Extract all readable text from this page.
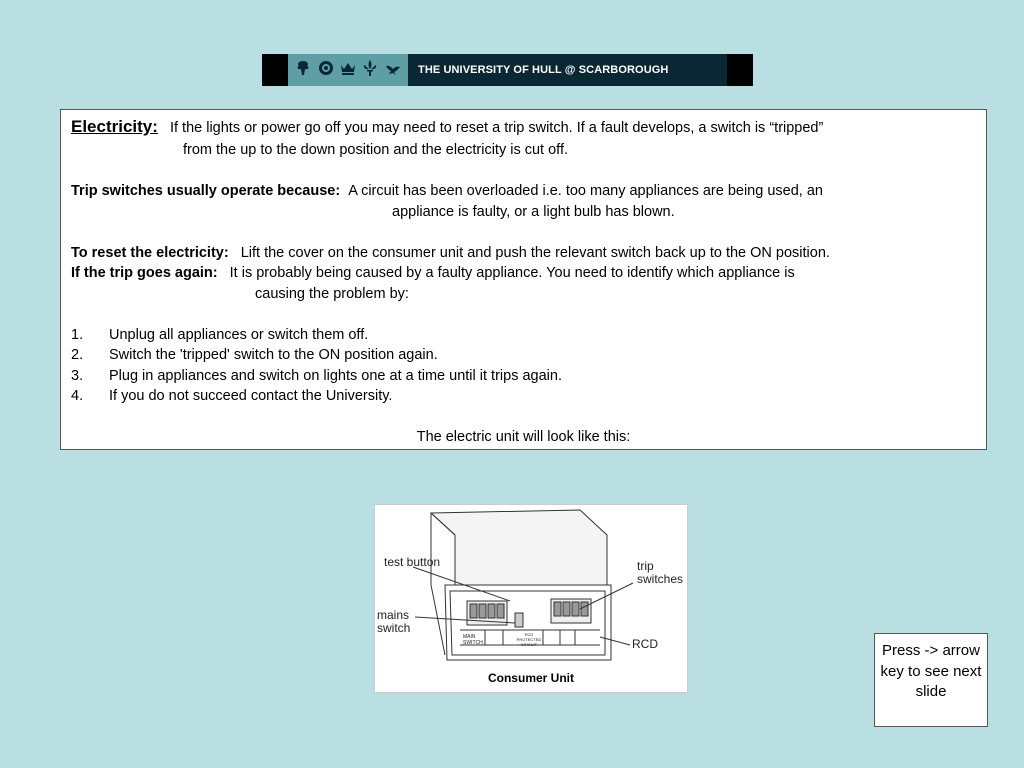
THE UNIVERSITY OF HULL @ SCARBOROUGH
Electricity: If the lights or power go off you may need to reset a trip switch. If a fault develops, a switch is “tripped”
from the up to the down position and the electricity is cut off.
Trip switches usually operate because: A circuit has been overloaded i.e. too many appliances are being used, an
appliance is faulty, or a light bulb has blown.
To reset the electricity: Lift the cover on the consumer unit and push the relevant switch back up to the ON position.
If the trip goes again: It is probably being caused by a faulty appliance. You need to identify which appliance is
causing the problem by:
1. Unplug all appliances or switch them off.
2. Switch the 'tripped' switch to the ON position again.
3. Plug in appliances and switch on lights one at a time until it trips again.
4. If you do not succeed contact the University.
The electric unit will look like this:
test button
mains switch
trip switches
RCD
MAIN SWITCH
RCD PROTECTED CIRCUIT
Consumer Unit
Press -> arrow key to see next slide
